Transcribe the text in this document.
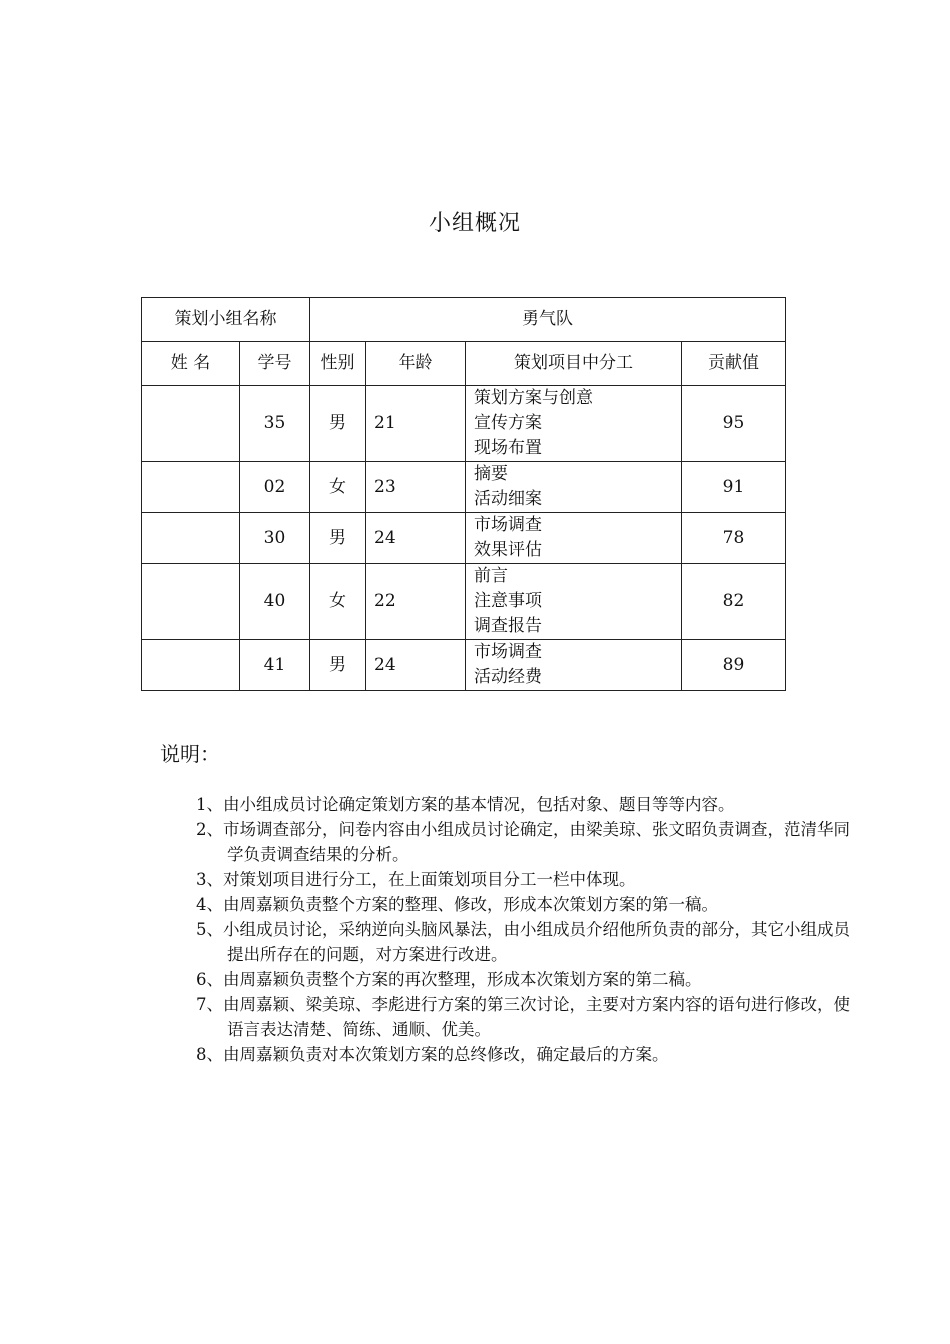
小组概况
策划小组名称		勇气队			
姓 名	学号	性别	年龄	策划项目中分工	贡献值
	35	男	21	策划方案与创意
宣传方案
现场布置	95
	02	女	23	摘要
活动细案	91
	30	男	24	市场调查
效果评估	78
	40	女	22	前言
注意事项
调查报告	82
	41	男	24	市场调查
活动经费	89
说明：
1、由小组成员讨论确定策划方案的基本情况，包括对象、题目等等内容。
2、市场调查部分，问卷内容由小组成员讨论确定，由梁美琼、张文昭负责调查，范清华同学负责调查结果的分析。
3、对策划项目进行分工，在上面策划项目分工一栏中体现。
4、由周嘉颖负责整个方案的整理、修改，形成本次策划方案的第一稿。
5、小组成员讨论，采纳逆向头脑风暴法，由小组成员介绍他所负责的部分，其它小组成员提出所存在的问题，对方案进行改进。
6、由周嘉颖负责整个方案的再次整理，形成本次策划方案的第二稿。
7、由周嘉颖、梁美琼、李彪进行方案的第三次讨论，主要对方案内容的语句进行修改，使语言表达清楚、简练、通顺、优美。
8、由周嘉颖负责对本次策划方案的总终修改，确定最后的方案。
